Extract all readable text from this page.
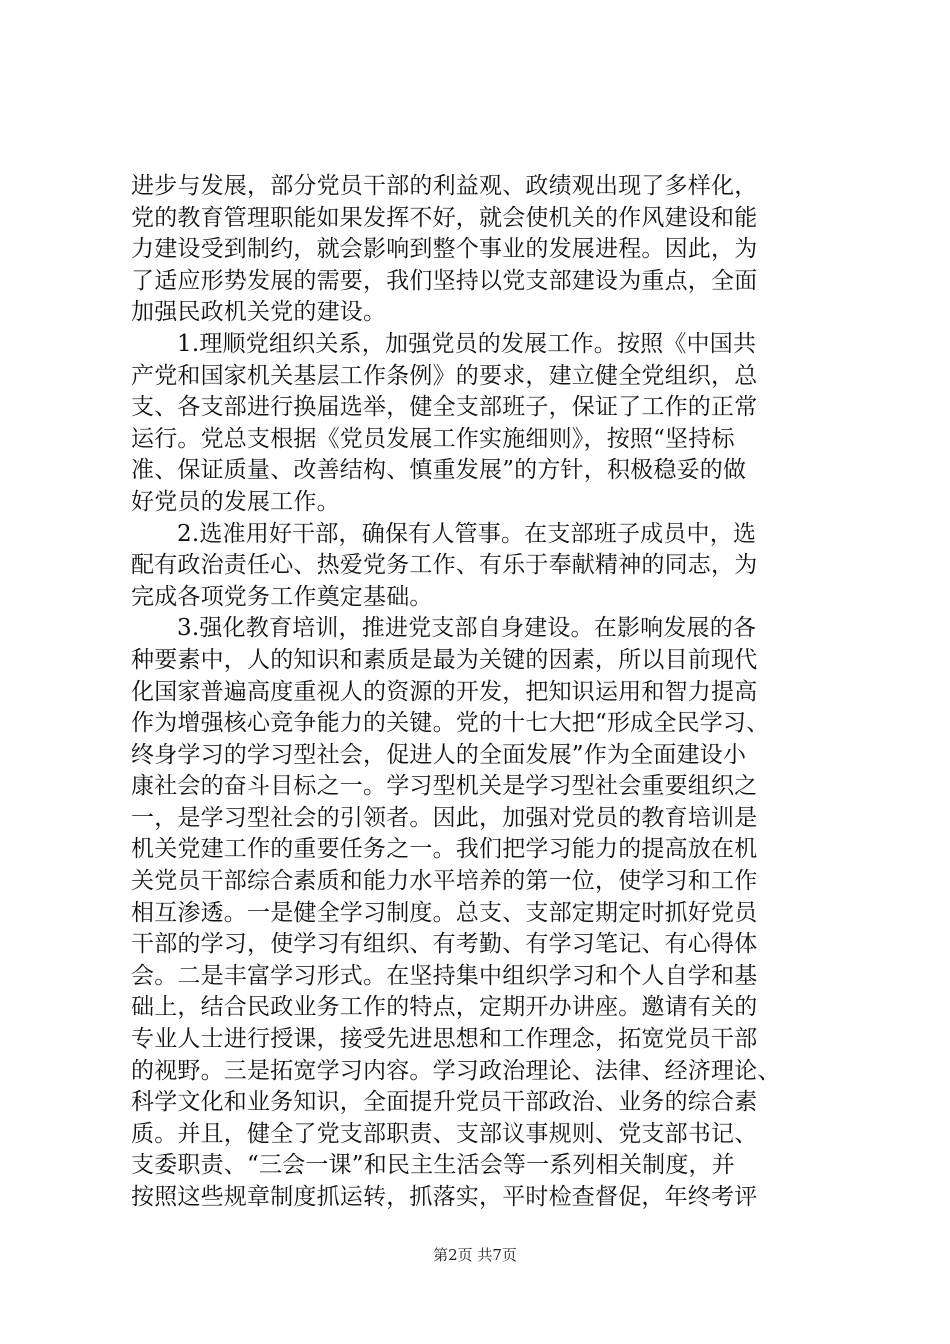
进步与发展，部分党员干部的利益观、政绩观出现了多样化，
党的教育管理职能如果发挥不好，就会使机关的作风建设和能
力建设受到制约，就会影响到整个事业的发展进程。因此，为
了适应形势发展的需要，我们坚持以党支部建设为重点，全面
加强民政机关党的建设。
1.理顺党组织关系，加强党员的发展工作。按照《中国共
产党和国家机关基层工作条例》的要求，建立健全党组织，总
支、各支部进行换届选举，健全支部班子，保证了工作的正常
运行。党总支根据《党员发展工作实施细则》，按照“坚持标
准、保证质量、改善结构、慎重发展”的方针，积极稳妥的做
好党员的发展工作。
2.选准用好干部，确保有人管事。在支部班子成员中，选
配有政治责任心、热爱党务工作、有乐于奉献精神的同志，为
完成各项党务工作奠定基础。
3.强化教育培训，推进党支部自身建设。在影响发展的各
种要素中，人的知识和素质是最为关键的因素，所以目前现代
化国家普遍高度重视人的资源的开发，把知识运用和智力提高
作为增强核心竞争能力的关键。党的十七大把“形成全民学习、
终身学习的学习型社会，促进人的全面发展”作为全面建设小
康社会的奋斗目标之一。学习型机关是学习型社会重要组织之
一，是学习型社会的引领者。因此，加强对党员的教育培训是
机关党建工作的重要任务之一。我们把学习能力的提高放在机
关党员干部综合素质和能力水平培养的第一位，使学习和工作
相互渗透。一是健全学习制度。总支、支部定期定时抓好党员
干部的学习，使学习有组织、有考勤、有学习笔记、有心得体
会。二是丰富学习形式。在坚持集中组织学习和个人自学和基
础上，结合民政业务工作的特点，定期开办讲座。邀请有关的
专业人士进行授课，接受先进思想和工作理念，拓宽党员干部
的视野。三是拓宽学习内容。学习政治理论、法律、经济理论、
科学文化和业务知识，全面提升党员干部政治、业务的综合素
质。并且，健全了党支部职责、支部议事规则、党支部书记、
支委职责、“三会一课”和民主生活会等一系列相关制度，并
按照这些规章制度抓运转，抓落实，平时检查督促，年终考评
第2页 共7页
